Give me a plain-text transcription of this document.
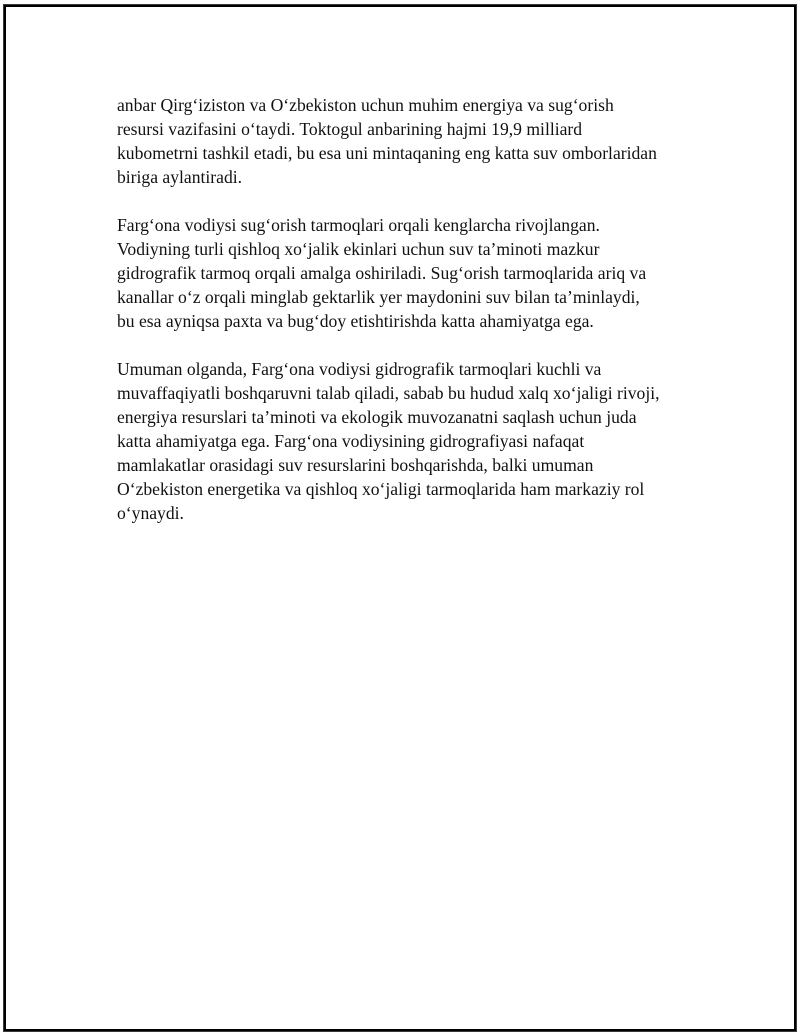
anbar Qirgʻiziston va Oʻzbekiston uchun muhim energiya va sugʻorish
resursi vazifasini oʻtaydi. Toktogul anbarining hajmi 19,9 milliard
kubometrni tashkil etadi, bu esa uni mintaqaning eng katta suv omborlaridan
biriga aylantiradi.

Fargʻona vodiysi sugʻorish tarmoqlari orqali kenglarcha rivojlangan.
Vodiyning turli qishloq xoʻjalik ekinlari uchun suv taʼminoti mazkur
gidrografik tarmoq orqali amalga oshiriladi. Sugʻorish tarmoqlarida ariq va
kanallar oʻz orqali minglab gektarlik yer maydonini suv bilan taʼminlaydi,
bu esa ayniqsa paxta va bugʻdoy etishtirishda katta ahamiyatga ega.

Umuman olganda, Fargʻona vodiysi gidrografik tarmoqlari kuchli va
muvaffaqiyatli boshqaruvni talab qiladi, sabab bu hudud xalq xoʻjaligi rivoji,
energiya resurslari taʼminoti va ekologik muvozanatni saqlash uchun juda
katta ahamiyatga ega. Fargʻona vodiysining gidrografiyasi nafaqat
mamlakatlar orasidagi suv resurslarini boshqarishda, balki umuman
Oʻzbekiston energetika va qishloq xoʻjaligi tarmoqlarida ham markaziy rol
oʻynaydi.
